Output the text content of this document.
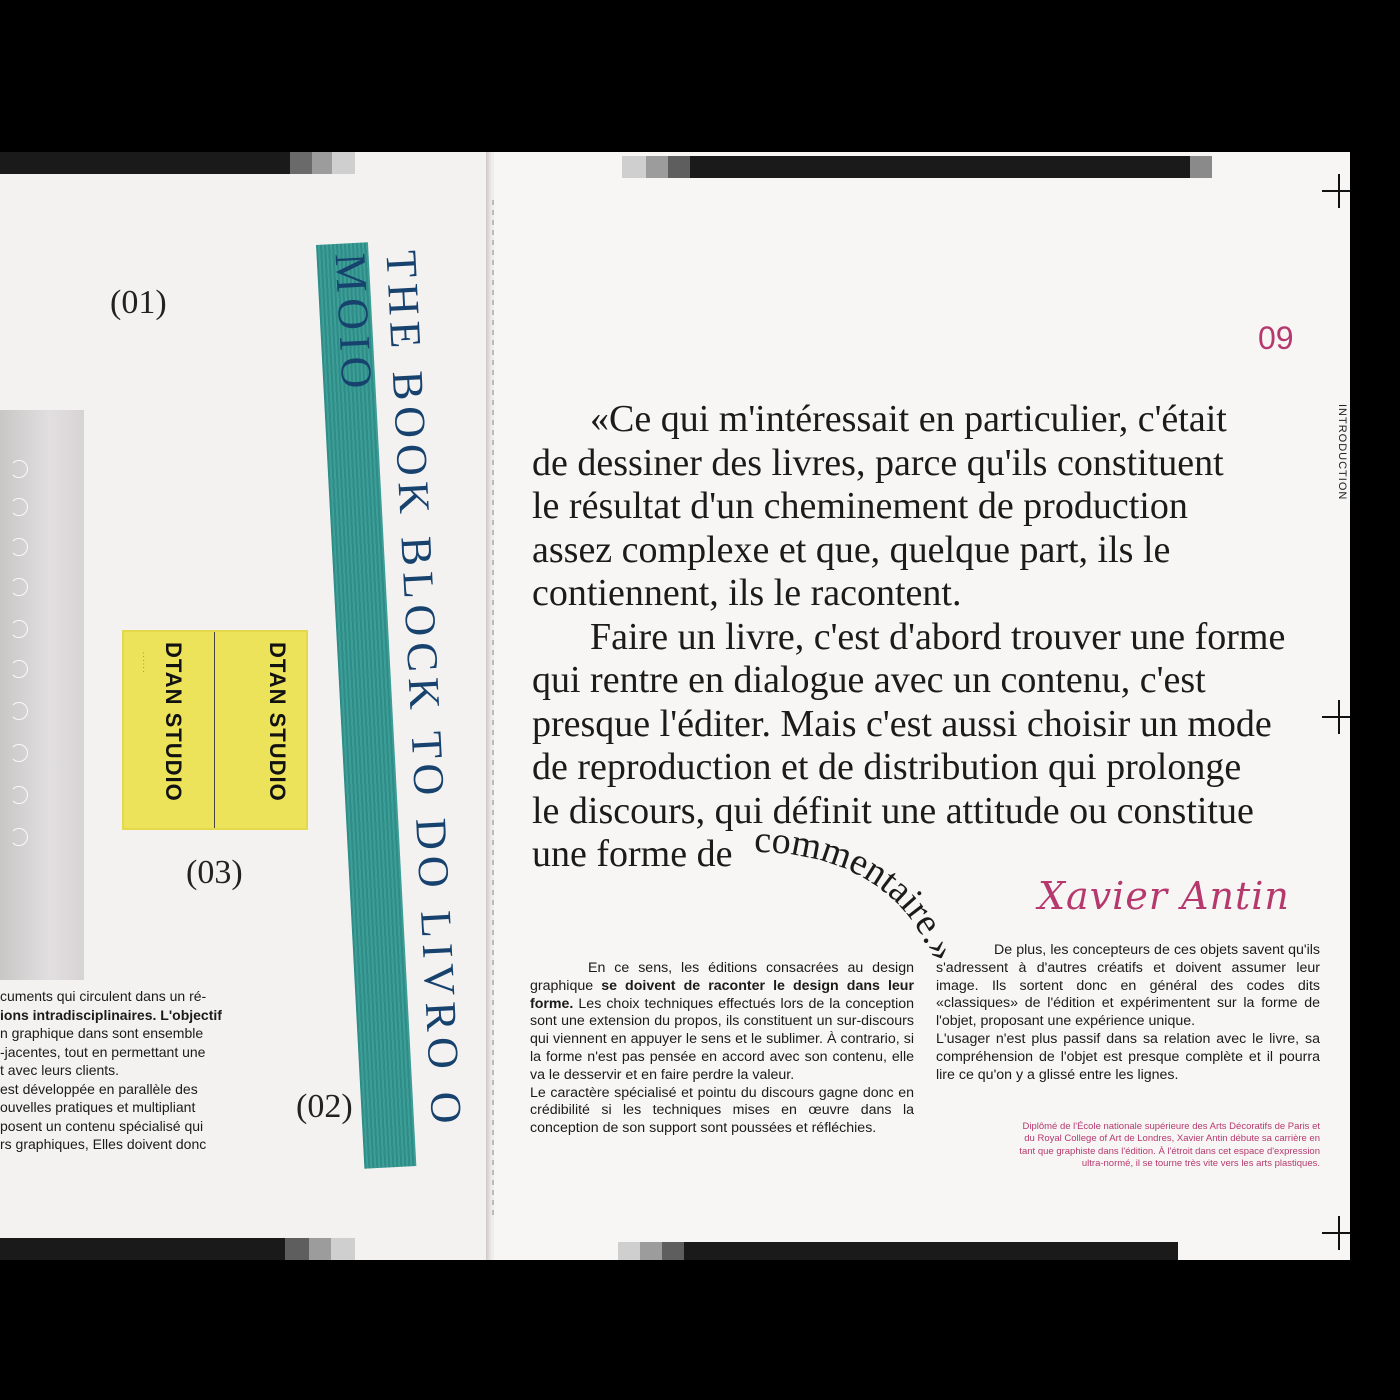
(01)
DTAN STUDIO
· · · · · ·	DTAN STUDIO
(03)	THE BOOK BLOCK TO DO LIVRO O MOIO
(02)

cuments qui circulent dans un ré-

ions intradisciplinaires. L'objectif

n graphique dans sont ensemble

-jacentes, tout en permettant une

t avec leurs clients.

est développée en parallèle des

ouvelles pratiques et multipliant

posent un contenu spécialisé qui

rs graphiques, Elles doivent donc

09
INTRODUCTION

«Ce qui m'intéressait en particulier, c'était

de dessiner des livres, parce qu'ils constituent

le résultat d'un cheminement de production

assez complexe et que, quelque part, ils le

contiennent, ils le racontent.

Faire un livre, c'est d'abord trouver une forme

qui rentre en dialogue avec un contenu, c'est

presque l'éditer. Mais c'est aussi choisir un mode

de reproduction et de distribution qui prolonge

le discours, qui définit une attitude ou constitue

une forme de commentaire.»
Xavier Antin

En ce sens, les éditions consacrées au design graphique se doivent de raconter le design dans leur forme. Les choix techniques effectués lors de la conception sont une extension du propos, ils constituent un sur-discours qui viennent en appuyer le sens et le sublimer. À contrario, si la forme n'est pas pensée en accord avec son contenu, elle va le desservir et en faire perdre la valeur.

Le caractère spécialisé et pointu du discours gagne donc en crédibilité si les techniques mises en œuvre dans la conception de son support sont poussées et réfléchies.

De plus, les concepteurs de ces objets savent qu'ils s'adressent à d'autres créatifs et doivent assumer leur image. Ils sortent donc en général des codes dits «classiques» de l'édition et expérimentent sur la forme de l'objet, proposant une expérience unique.

L'usager n'est plus passif dans sa relation avec le livre, sa compréhension de l'objet est presque complète et il pourra lire ce qu'on y a glissé entre les lignes.

Diplômé de l'École nationale supérieure des Arts Décoratifs de Paris et du Royal College of Art de Londres, Xavier Antin débute sa carrière en tant que graphiste dans l'édition. À l'étroit dans cet espace d'expression ultra-normé, il se tourne très vite vers les arts plastiques.
